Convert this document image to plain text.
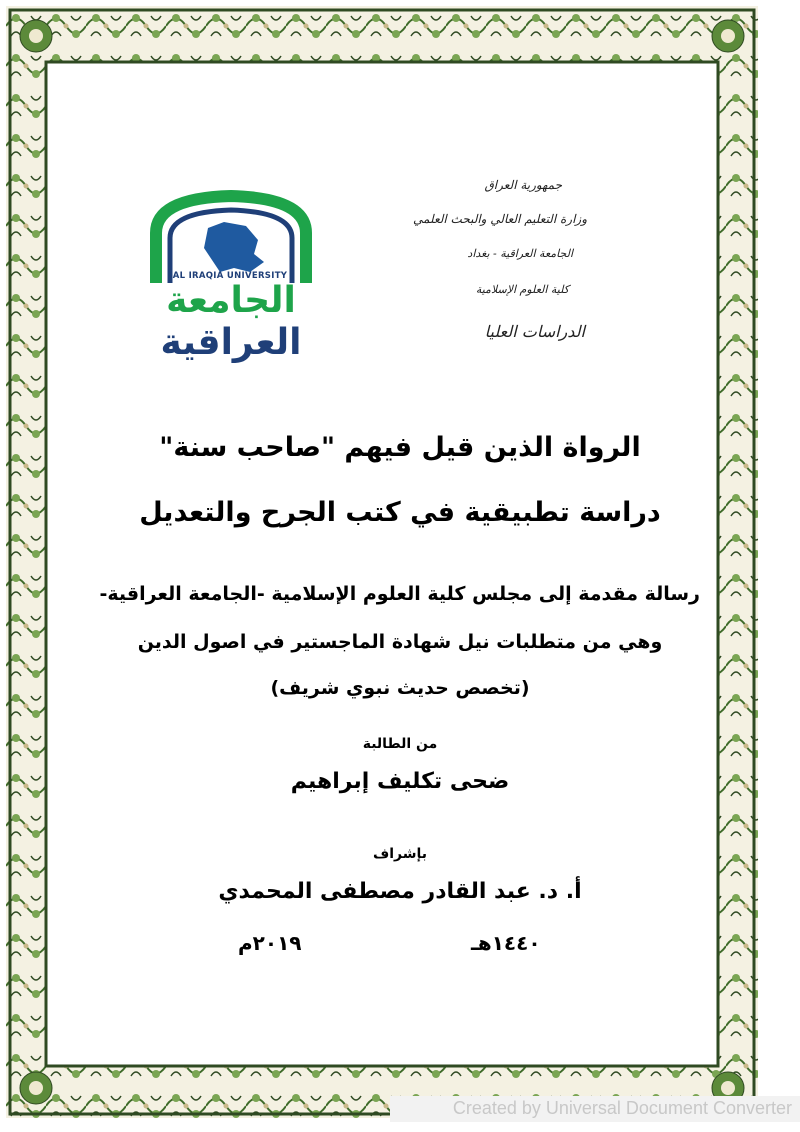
جمهورية العراق
وزارة التعليم العالي والبحث العلمي
الجامعة العراقية - بغداد
كلية العلوم الإسلامية
الدراسات العليا
AL IRAQIA UNIVERSITY
الجامعة
العراقية
الرواة الذين قيل فيهم "صاحب سنة"
دراسة تطبيقية في كتب الجرح والتعديل
رسالة مقدمة إلى مجلس كلية العلوم الإسلامية -الجامعة العراقية-
وهي من متطلبات نيل شهادة الماجستير في اصول الدين
(تخصص حديث نبوي شريف)
من الطالبة
ضحى تكليف إبراهيم
بإشراف
أ. د. عبد القادر مصطفى المحمدي
١٤٤٠هـ
٢٠١٩م
Created by Universal Document Converter
